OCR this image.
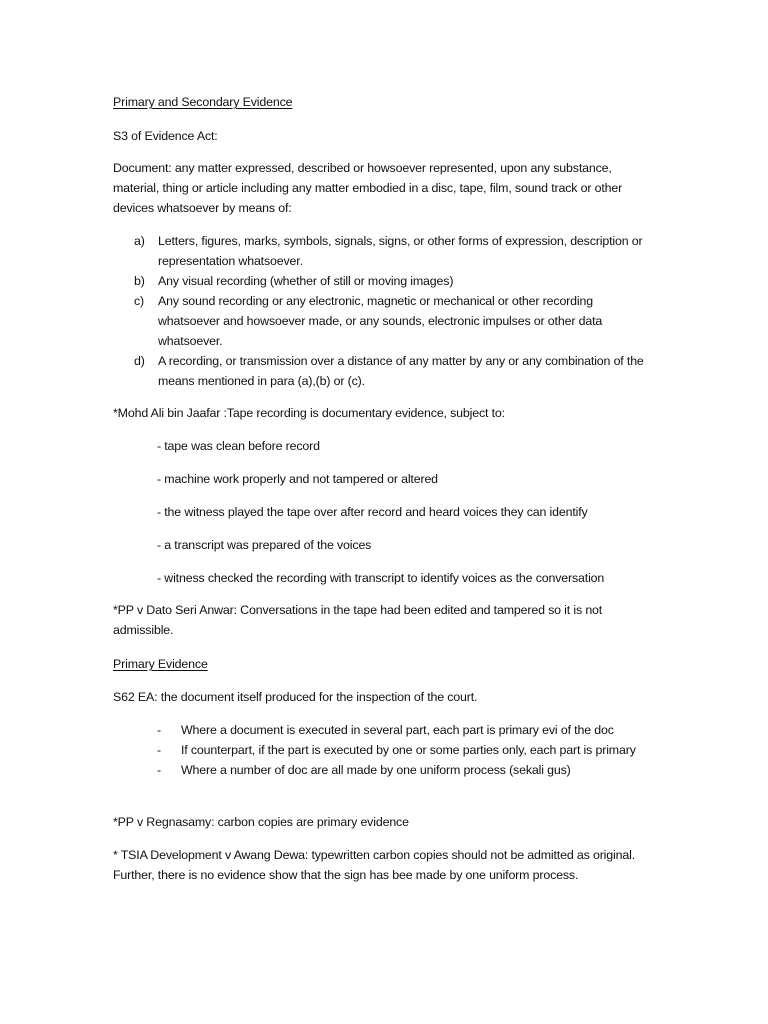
Primary and Secondary Evidence

S3 of Evidence Act:

Document: any matter expressed, described or howsoever represented, upon any substance, material, thing or article including any matter embodied in a disc, tape, film, sound track or other devices whatsoever by means of:

a) Letters, figures, marks, symbols, signals, signs, or other forms of expression, description or representation whatsoever.
b) Any visual recording (whether of still or moving images)
c) Any sound recording or any electronic, magnetic or mechanical or other recording whatsoever and howsoever made, or any sounds, electronic impulses or other data whatsoever.
d) A recording, or transmission over a distance of any matter by any or any combination of the means mentioned in para (a),(b) or (c).

*Mohd Ali bin Jaafar :Tape recording is documentary evidence, subject to:

- tape was clean before record

- machine work properly and not tampered or altered

- the witness played the tape over after record and heard voices they can identify

- a transcript was prepared of the voices

- witness checked the recording with transcript to identify voices as the conversation

*PP v Dato Seri Anwar: Conversations in the tape had been edited and tampered so it is not admissible.

Primary Evidence

S62 EA: the document itself produced for the inspection of the court.

- Where a document is executed in several part, each part is primary evi of the doc
- If counterpart, if the part is executed by one or some parties only, each part is primary
- Where a number of doc are all made by one uniform process (sekali gus)

*PP v Regnasamy: carbon copies are primary evidence

* TSIA Development v Awang Dewa: typewritten carbon copies should not be admitted as original. Further, there is no evidence show that the sign has bee made by one uniform process.
